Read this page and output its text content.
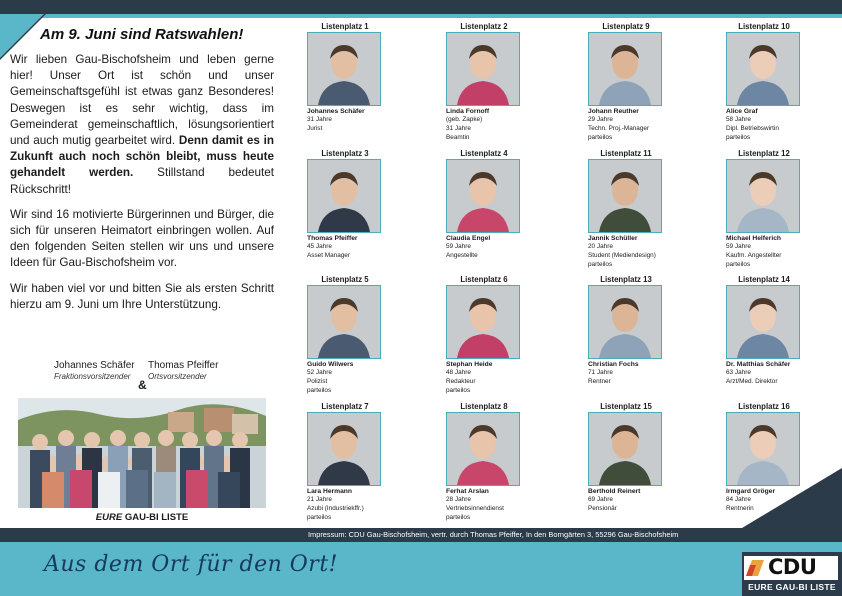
Am 9. Juni sind Ratswahlen!

Wir lieben Gau-Bischofsheim und leben gerne hier! Unser Ort ist schön und unser Gemeinschaftsgefühl ist etwas ganz Besonderes! Deswegen ist es sehr wichtig, dass im Gemeinderat gemeinschaftlich, lösungsorientiert und auch mutig gearbeitet wird. Denn damit es in Zukunft auch noch schön bleibt, muss heute gehandelt werden. Stillstand bedeutet Rückschritt!

Wir sind 16 motivierte Bürgerinnen und Bürger, die sich für unseren Heimatort einbringen wollen. Auf den folgenden Seiten stellen wir uns und unsere Ideen für Gau-Bischofsheim vor.

Wir haben viel vor und bitten Sie als ersten Schritt hierzu am 9. Juni um Ihre Unterstützung.

Johannes Schäfer
Fraktionsvorsitzender
Thomas Pfeiffer
Ortsvorsitzender
&
EURE GAU-BI LISTE
Listenplatz 1
Johannes Schäfer
31 Jahre
Jurist
Listenplatz 2
Linda Fornoff
(geb. Zapke)
31 Jahre
Beamtin
Listenplatz 9
Johann Reuther
29 Jahre
Techn. Proj.-Manager
parteilos
Listenplatz 10
Alice Graf
58 Jahre
Dipl. Betriebswirtin
parteilos
Listenplatz 3
Thomas Pfeiffer
45 Jahre
Asset Manager
Listenplatz 4
Claudia Engel
59 Jahre
Angestellte
Listenplatz 11
Jannik Schüller
20 Jahre
Student (Mediendesign)
parteilos
Listenplatz 12
Michael Helferich
59 Jahre
Kaufm. Angestellter
parteilos
Listenplatz 5
Guido Wilwers
52 Jahre
Polizist
parteilos
Listenplatz 6
Stephan Heide
48 Jahre
Redakteur
parteilos
Listenplatz 13
Christian Fochs
71 Jahre
Rentner
Listenplatz 14
Dr. Matthias Schäfer
63 Jahre
Arzt/Med. Direktor
Listenplatz 7
Lara Hermann
21 Jahre
Azubi (Industriekffr.)
parteilos
Listenplatz 8
Ferhat Arslan
28 Jahre
Vertriebsinnendienst
parteilos
Listenplatz 15
Berthold Reinert
69 Jahre
Pensionär
Listenplatz 16
Irmgard Gröger
84 Jahre
Rentnerin
Impressum: CDU Gau-Bischofsheim, vertr. durch Thomas Pfeiffer, In den Borngärten 3, 55296 Gau-Bischofsheim
Aus dem Ort für den Ort!	CDU
EURE GAU-BI LISTE
